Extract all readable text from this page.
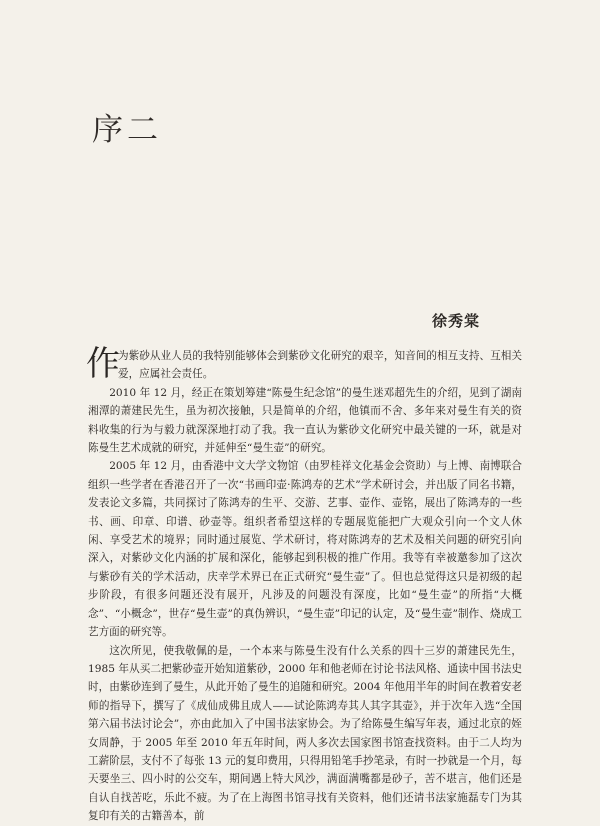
序二
徐秀棠

作
为紫砂从业人员的我特别能够体会到紫砂文化研究的艰辛，知音间的相互支持、互相关爱，应属社会责任。

2010 年 12 月，经正在策划筹建“陈曼生纪念馆”的曼生迷邓超先生的介绍，见到了湖南湘潭的萧建民先生，虽为初次接触，只是简单的介绍，他镇而不舍、多年来对曼生有关的资料收集的行为与毅力就深深地打动了我。我一直认为紫砂文化研究中最关键的一环，就是对陈曼生艺术成就的研究，并延伸至“曼生壶”的研究。

2005 年 12 月，由香港中文大学文物馆（由罗桂祥文化基金会资助）与上博、南博联合组织一些学者在香港召开了一次“书画印壶·陈鸿寿的艺术”学术研讨会，并出版了同名书籍，发表论文多篇，共同探讨了陈鸿寿的生平、交游、艺事、壶作、壶铭，展出了陈鸿寿的一些书、画、印章、印谱、砂壶等。组织者希望这样的专题展览能把广大观众引向一个文人休闲、享受艺术的境界；同时通过展览、学术研讨，将对陈鸿寿的艺术及相关问题的研究引向深入，对紫砂文化内涵的扩展和深化，能够起到积极的推广作用。我等有幸被邀参加了这次与紫砂有关的学术活动，庆幸学术界已在正式研究“曼生壶”了。但也总觉得这只是初级的起步阶段，有很多问题还没有展开，凡涉及的问题没有深度，比如“曼生壶”的所指“大概念”、“小概念”，世存“曼生壶”的真伪辨识，“曼生壶”印记的认定，及“曼生壶”制作、烧成工艺方面的研究等。

这次所见，使我敬佩的是，一个本来与陈曼生没有什么关系的四十三岁的萧建民先生，1985 年从买二把紫砂壶开始知道紫砂，2000 年和他老师在讨论书法风格、通读中国书法史时，由紫砂连到了曼生，从此开始了曼生的追随和研究。2004 年他用半年的时间在教着安老师的指导下，撰写了《成仙成佛且成人——试论陈鸿寿其人其字其壶》，并于次年入选“全国第六届书法讨论会”，亦由此加入了中国书法家协会。为了给陈曼生编写年表，通过北京的姪女周静，于 2005 年至 2010 年五年时间，两人多次去国家图书馆查找资料。由于二人均为工薪阶层，支付不了每张 13 元的复印费用，只得用铅笔手抄笔录，有时一抄就是一个月，每天要坐三、四小时的公交车，期间遇上特大风沙，满面满嘴都是砂子，苦不堪言，他们还是自认自找苦吃，乐此不疲。为了在上海图书馆寻找有关资料，他们还请书法家施磊专门为其复印有关的古籍善本，前
